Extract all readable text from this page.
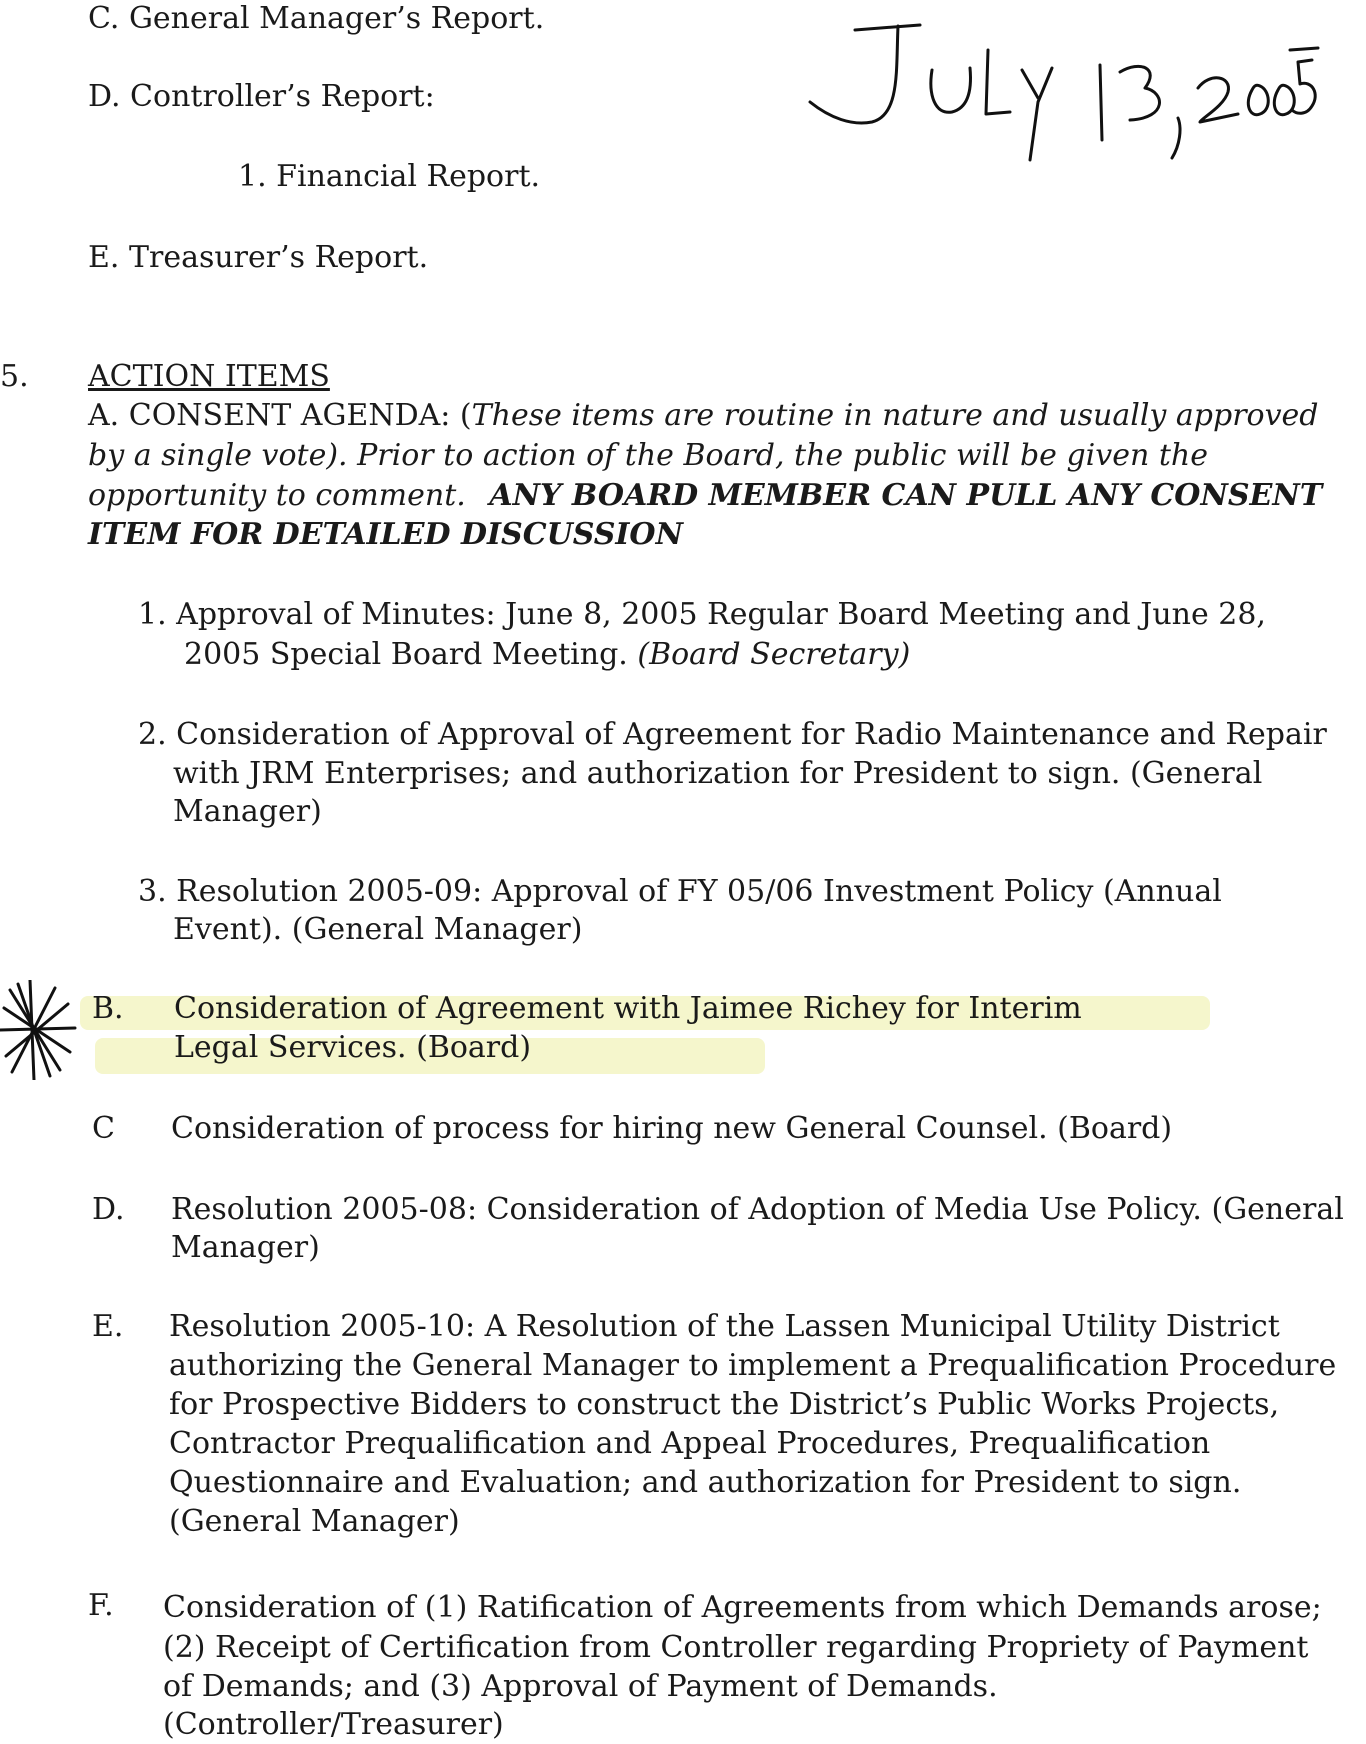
C. General Manager’s Report.
D. Controller’s Report:
1. Financial Report.
E. Treasurer’s Report.
5. ACTION ITEMS
A. CONSENT AGENDA: (These items are routine in nature and usually approved
by a single vote). Prior to action of the Board, the public will be given the
opportunity to comment. ANY BOARD MEMBER CAN PULL ANY CONSENT
ITEM FOR DETAILED DISCUSSION
1. Approval of Minutes: June 8, 2005 Regular Board Meeting and June 28,
2005 Special Board Meeting. (Board Secretary)
2. Consideration of Approval of Agreement for Radio Maintenance and Repair
with JRM Enterprises; and authorization for President to sign. (General
Manager)
3. Resolution 2005-09: Approval of FY 05/06 Investment Policy (Annual
Event). (General Manager)
B. Consideration of Agreement with Jaimee Richey for Interim
Legal Services. (Board)
C Consideration of process for hiring new General Counsel. (Board)
D. Resolution 2005-08: Consideration of Adoption of Media Use Policy. (General
Manager)
E. Resolution 2005-10: A Resolution of the Lassen Municipal Utility District
authorizing the General Manager to implement a Prequalification Procedure
for Prospective Bidders to construct the District’s Public Works Projects,
Contractor Prequalification and Appeal Procedures, Prequalification
Questionnaire and Evaluation; and authorization for President to sign.
(General Manager)
F. Consideration of (1) Ratification of Agreements from which Demands arose;
(2) Receipt of Certification from Controller regarding Propriety of Payment
of Demands; and (3) Approval of Payment of Demands.
(Controller/Treasurer)
